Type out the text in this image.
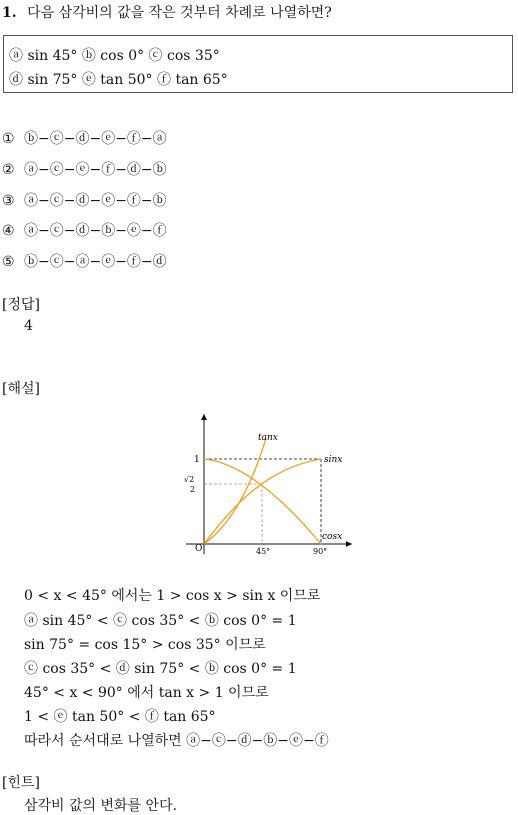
1. 다음 삼각비의 값을 작은 것부터 차례로 나열하면?
ⓐ sin 45° ⓑ cos 0° ⓒ cos 35°
ⓓ sin 75° ⓔ tan 50° ⓕ tan 65°
① ⓑ−ⓒ−ⓓ−ⓔ−ⓕ−ⓐ
② ⓐ−ⓒ−ⓔ−ⓕ−ⓓ−ⓑ
③ ⓐ−ⓒ−ⓓ−ⓔ−ⓕ−ⓑ
④ ⓐ−ⓒ−ⓓ−ⓑ−ⓔ−ⓕ
⑤ ⓑ−ⓒ−ⓐ−ⓔ−ⓕ−ⓓ
[정답]
4
[해설]
tanx
sinx
cosx
1
√2
2
O	45°	90°
0 < x < 45° 에서는 1 > cos x > sin x 이므로
ⓐ sin 45° < ⓒ cos 35° < ⓑ cos 0° = 1
sin 75° = cos 15° > cos 35° 이므로
ⓒ cos 35° < ⓓ sin 75° < ⓑ cos 0° = 1
45° < x < 90° 에서 tan x > 1 이므로
1 < ⓔ tan 50° < ⓕ tan 65°
따라서 순서대로 나열하면 ⓐ−ⓒ−ⓓ−ⓑ−ⓔ−ⓕ
[힌트]
삼각비 값의 변화를 안다.
